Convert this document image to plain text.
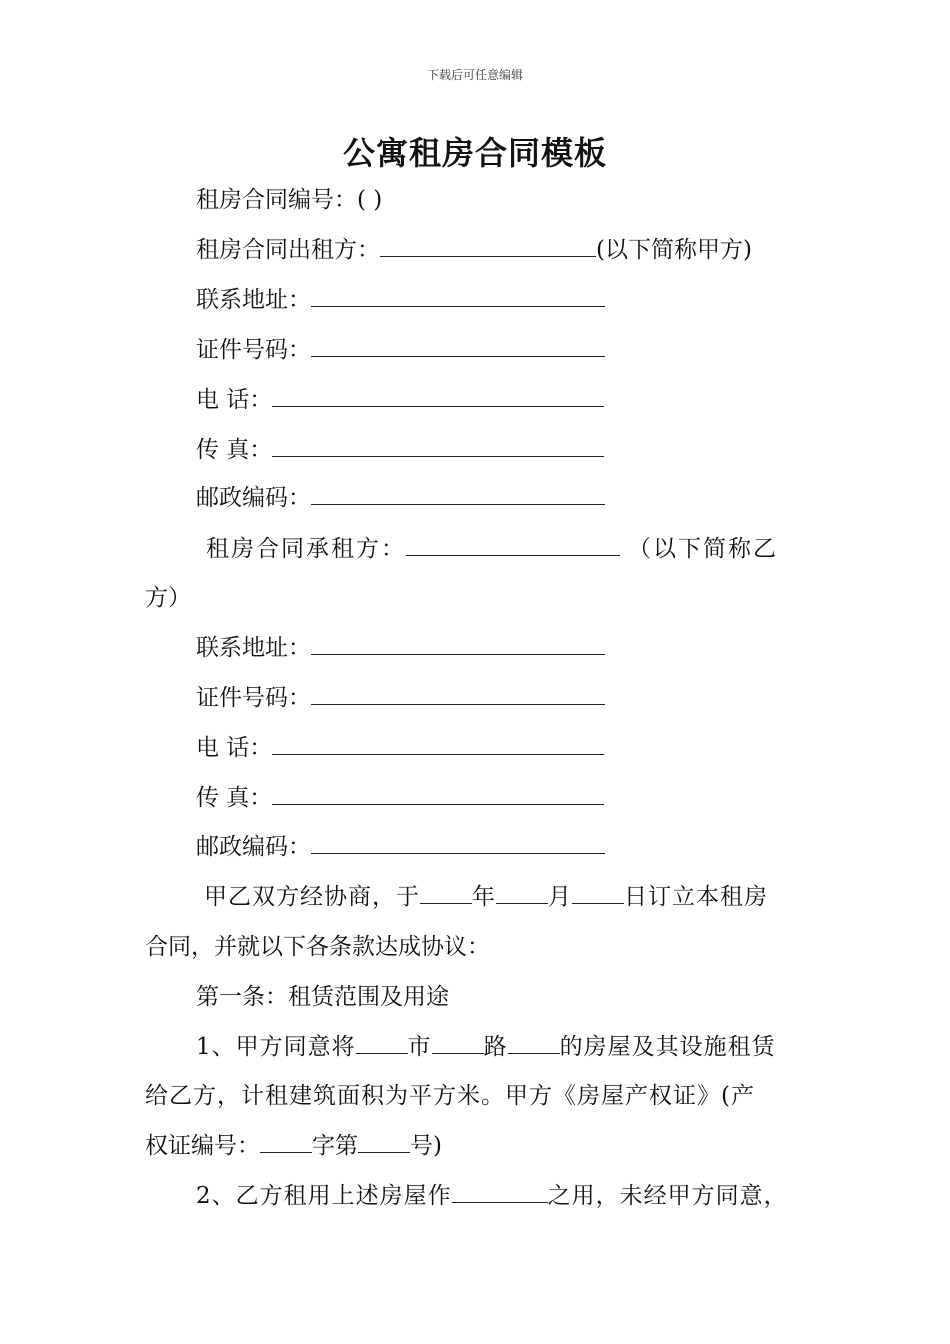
下载后可任意编辑
公寓租房合同模板
租房合同编号：( )
租房合同出租方：	(以下简称甲方)
联系地址：
证件号码：
电 话：
传 真：
邮政编码：
租房合同承租方：	（以下简称乙
方）
联系地址：
证件号码：
电 话：
传 真：
邮政编码：
甲乙双方经协商，于 年 月 日订立本租房
合同，并就以下各条款达成协议：
第一条：租赁范围及用途
1、甲方同意将 市 路 的房屋及其设施租赁
给乙方，计租建筑面积为平方米。甲方《房屋产权证》(产
权证编号： 字第 号)
2、乙方租用上述房屋作	之用，未经甲方同意，
